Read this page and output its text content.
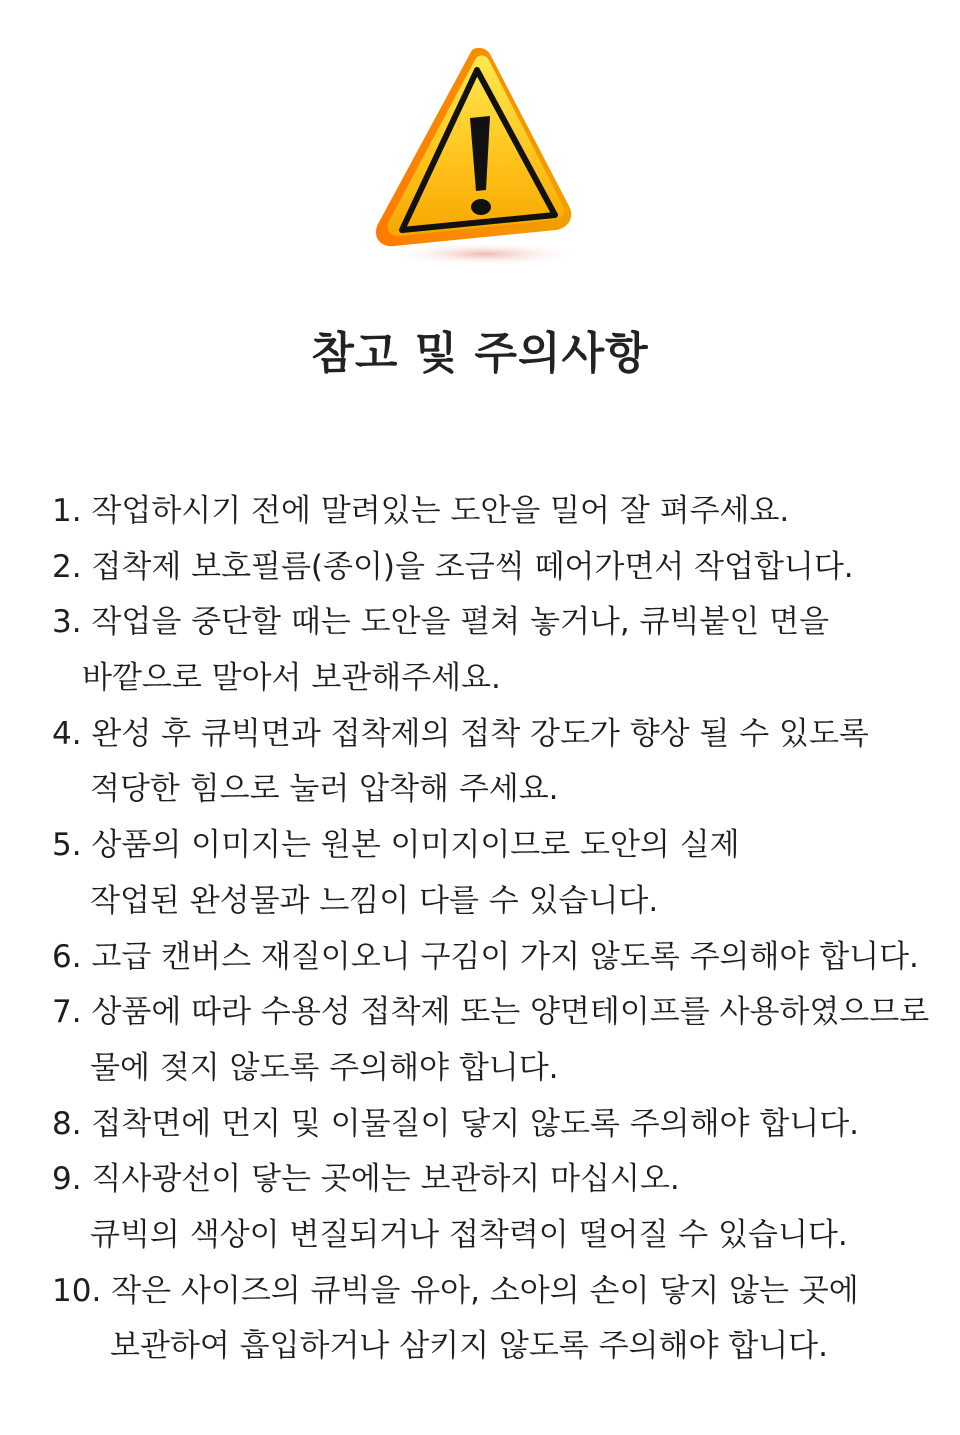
참고 및 주의사항
1. 작업하시기 전에 말려있는 도안을 밀어 잘 펴주세요.
2. 접착제 보호필름(종이)을 조금씩 떼어가면서 작업합니다.
3. 작업을 중단할 때는 도안을 펼쳐 놓거나, 큐빅붙인 면을
바깥으로 말아서 보관해주세요.
4. 완성 후 큐빅면과 접착제의 접착 강도가 향상 될 수 있도록
적당한 힘으로 눌러 압착해 주세요.
5. 상품의 이미지는 원본 이미지이므로 도안의 실제
작업된 완성물과 느낌이 다를 수 있습니다.
6. 고급 캔버스 재질이오니 구김이 가지 않도록 주의해야 합니다.
7. 상품에 따라 수용성 접착제 또는 양면테이프를 사용하였으므로
물에 젖지 않도록 주의해야 합니다.
8. 접착면에 먼지 및 이물질이 닿지 않도록 주의해야 합니다.
9. 직사광선이 닿는 곳에는 보관하지 마십시오.
큐빅의 색상이 변질되거나 접착력이 떨어질 수 있습니다.
10. 작은 사이즈의 큐빅을 유아, 소아의 손이 닿지 않는 곳에
보관하여 흡입하거나 삼키지 않도록 주의해야 합니다.
